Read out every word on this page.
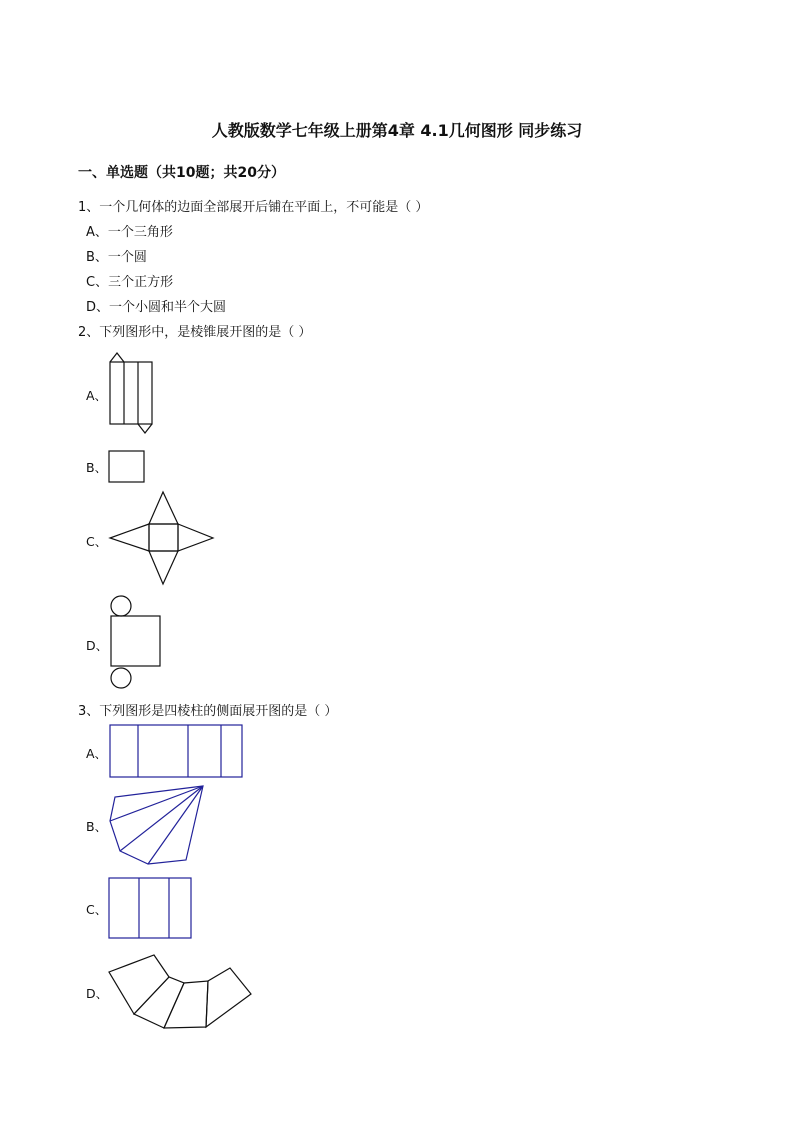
人教版数学七年级上册第4章 4.1几何图形 同步练习
一、单选题（共10题；共20分）
1、一个几何体的边面全部展开后铺在平面上，不可能是（ ）
A、一个三角形
B、一个圆
C、三个正方形
D、一个小圆和半个大圆
2、下列图形中，是棱锥展开图的是（ ）
A、
B、
C、
D、
3、下列图形是四棱柱的侧面展开图的是（ ）
A、
B、
C、
D、
